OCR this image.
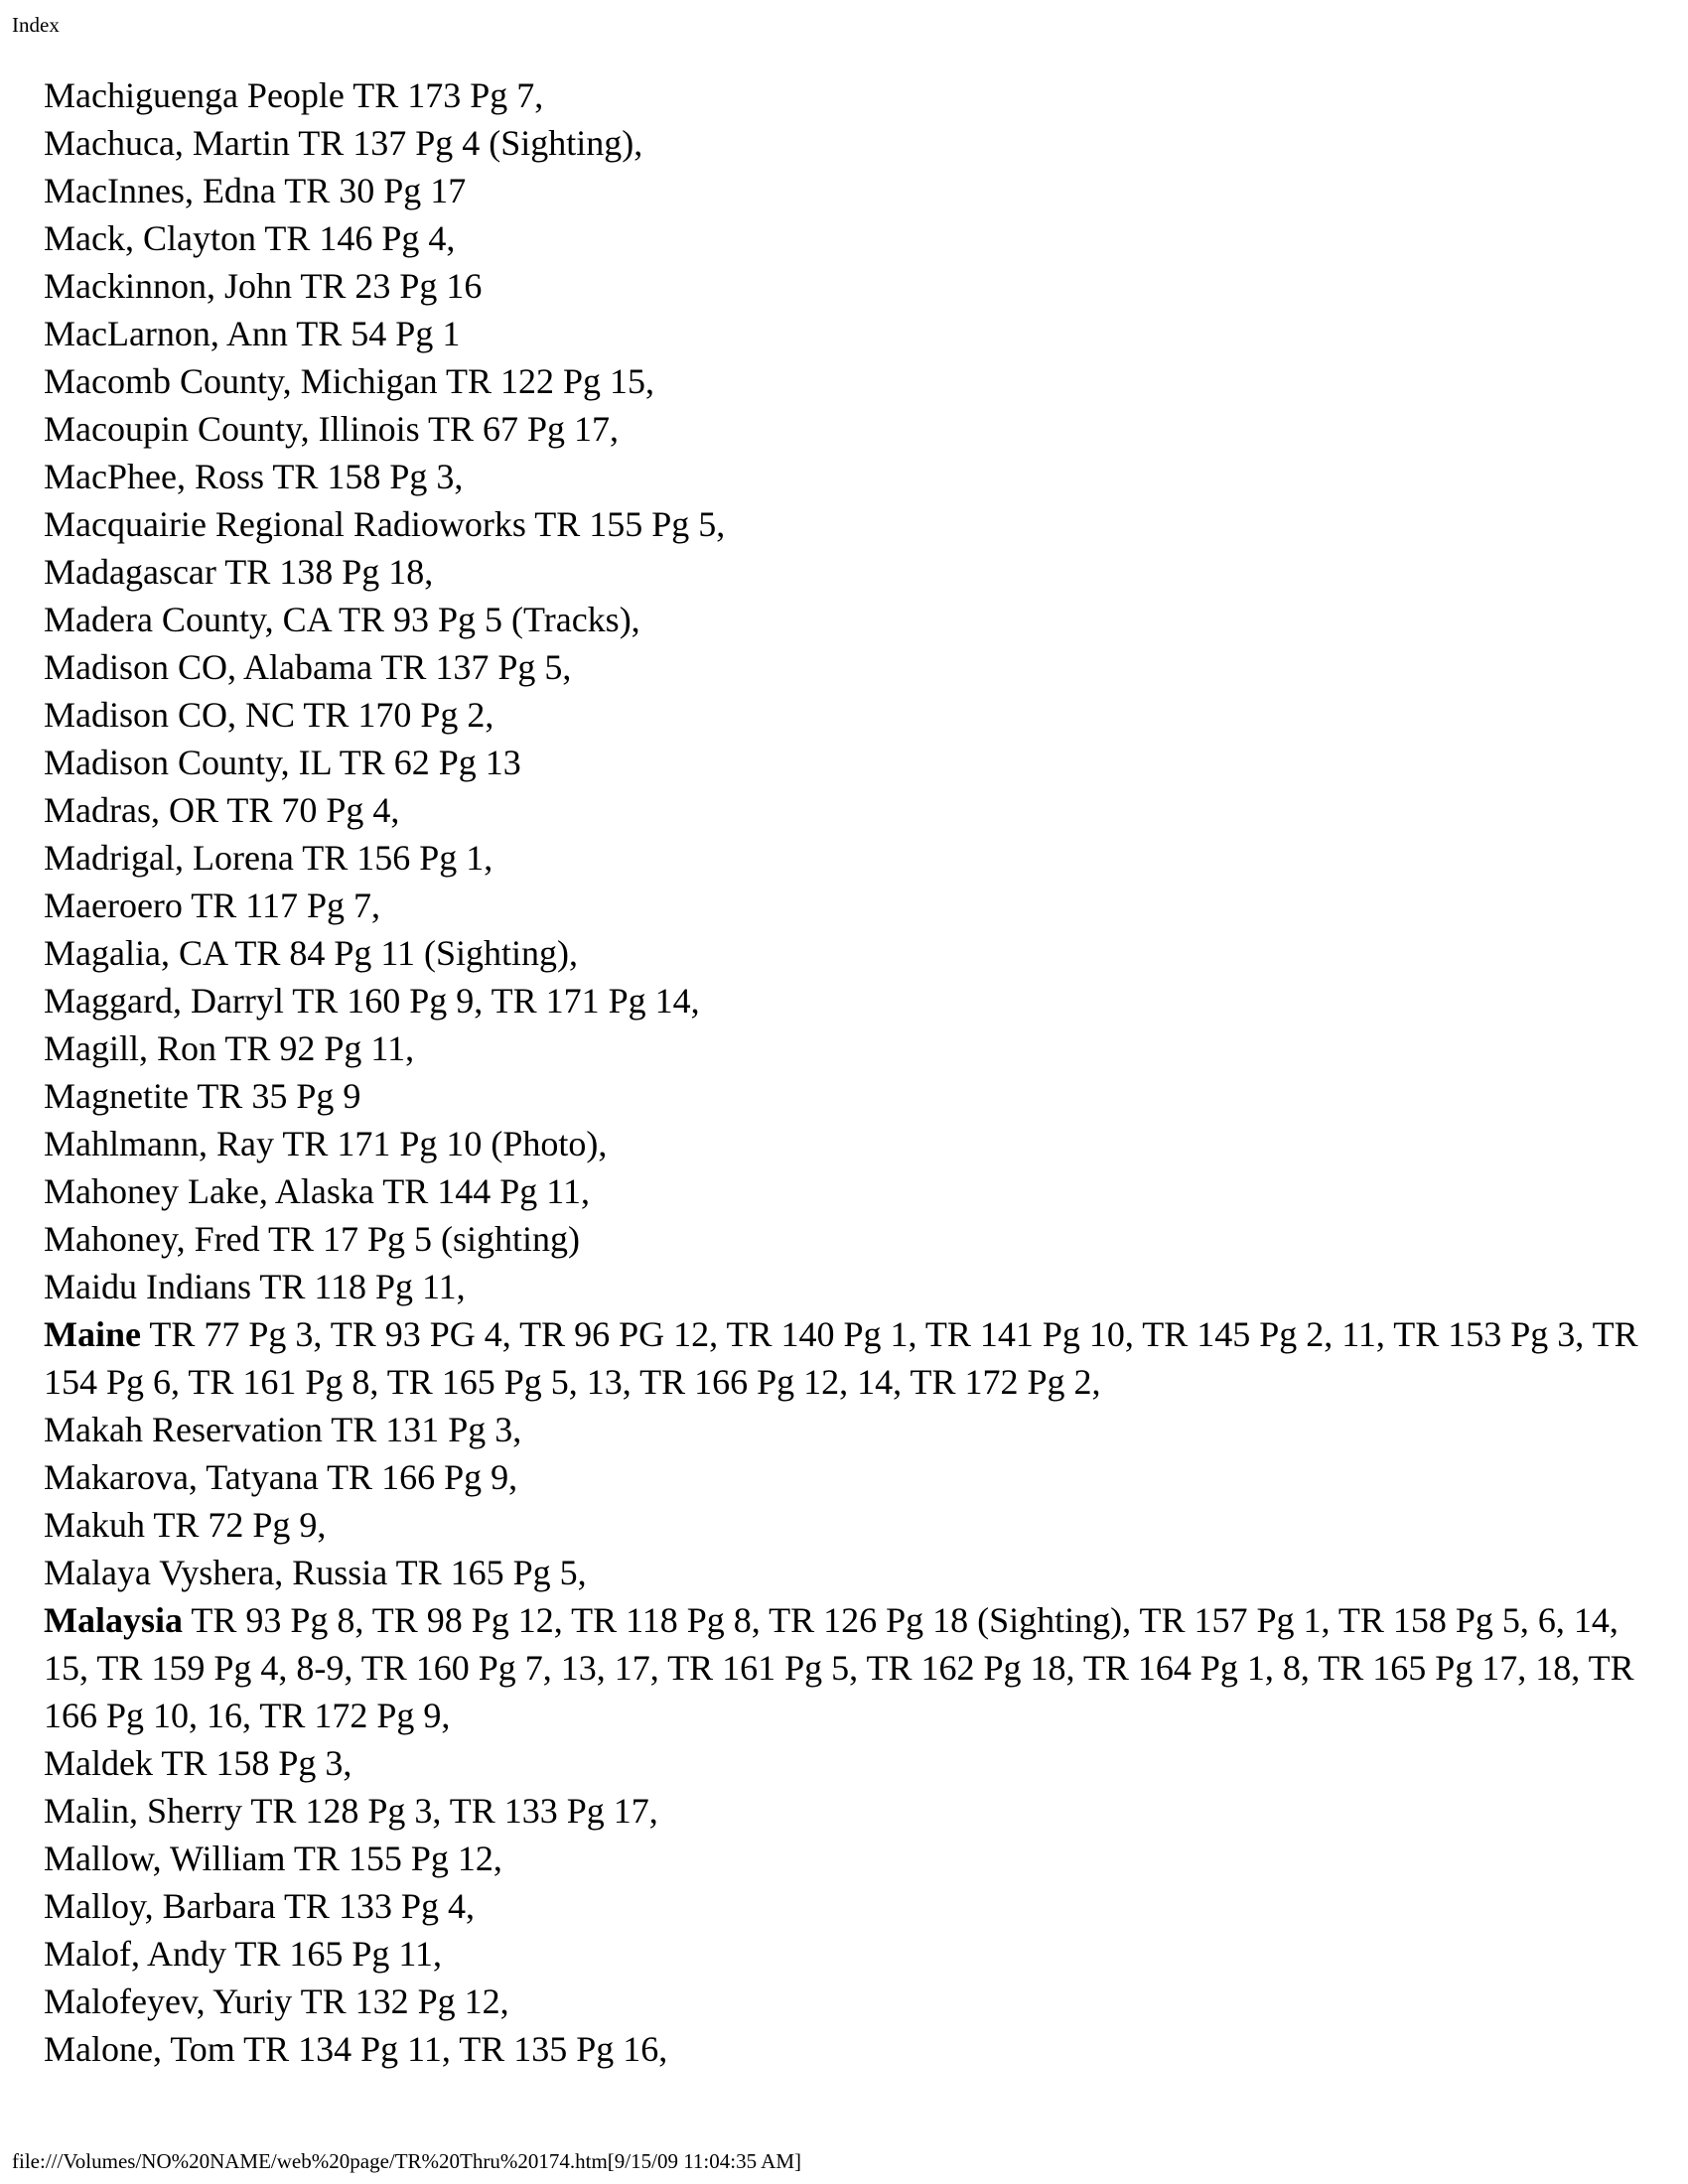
Index
Machiguenga People TR 173 Pg 7,
Machuca, Martin TR 137 Pg 4 (Sighting),
MacInnes, Edna TR 30 Pg 17
Mack, Clayton TR 146 Pg 4,
Mackinnon, John TR 23 Pg 16
MacLarnon, Ann TR 54 Pg 1
Macomb County, Michigan TR 122 Pg 15,
Macoupin County, Illinois TR 67 Pg 17,
MacPhee, Ross TR 158 Pg 3,
Macquairie Regional Radioworks TR 155 Pg 5,
Madagascar TR 138 Pg 18,
Madera County, CA TR 93 Pg 5 (Tracks),
Madison CO, Alabama TR 137 Pg 5,
Madison CO, NC TR 170 Pg 2,
Madison County, IL TR 62 Pg 13
Madras, OR TR 70 Pg 4,
Madrigal, Lorena TR 156 Pg 1,
Maeroero TR 117 Pg 7,
Magalia, CA TR 84 Pg 11 (Sighting),
Maggard, Darryl TR 160 Pg 9, TR 171 Pg 14,
Magill, Ron TR 92 Pg 11,
Magnetite TR 35 Pg 9
Mahlmann, Ray TR 171 Pg 10 (Photo),
Mahoney Lake, Alaska TR 144 Pg 11,
Mahoney, Fred TR 17 Pg 5 (sighting)
Maidu Indians TR 118 Pg 11,
Maine TR 77 Pg 3, TR 93 PG 4, TR 96 PG 12, TR 140 Pg 1, TR 141 Pg 10, TR 145 Pg 2, 11, TR 153 Pg 3, TR 154 Pg 6, TR 161 Pg 8, TR 165 Pg 5, 13, TR 166 Pg 12, 14, TR 172 Pg 2,
Makah Reservation TR 131 Pg 3,
Makarova, Tatyana TR 166 Pg 9,
Makuh TR 72 Pg 9,
Malaya Vyshera, Russia TR 165 Pg 5,
Malaysia TR 93 Pg 8, TR 98 Pg 12, TR 118 Pg 8, TR 126 Pg 18 (Sighting), TR 157 Pg 1, TR 158 Pg 5, 6, 14, 15, TR 159 Pg 4, 8-9, TR 160 Pg 7, 13, 17, TR 161 Pg 5, TR 162 Pg 18, TR 164 Pg 1, 8, TR 165 Pg 17, 18, TR 166 Pg 10, 16, TR 172 Pg 9,
Maldek TR 158 Pg 3,
Malin, Sherry TR 128 Pg 3, TR 133 Pg 17,
Mallow, William TR 155 Pg 12,
Malloy, Barbara TR 133 Pg 4,
Malof, Andy TR 165 Pg 11,
Malofeyev, Yuriy TR 132 Pg 12,
Malone, Tom TR 134 Pg 11, TR 135 Pg 16,
file:///Volumes/NO%20NAME/web%20page/TR%20Thru%20174.htm[9/15/09 11:04:35 AM]
